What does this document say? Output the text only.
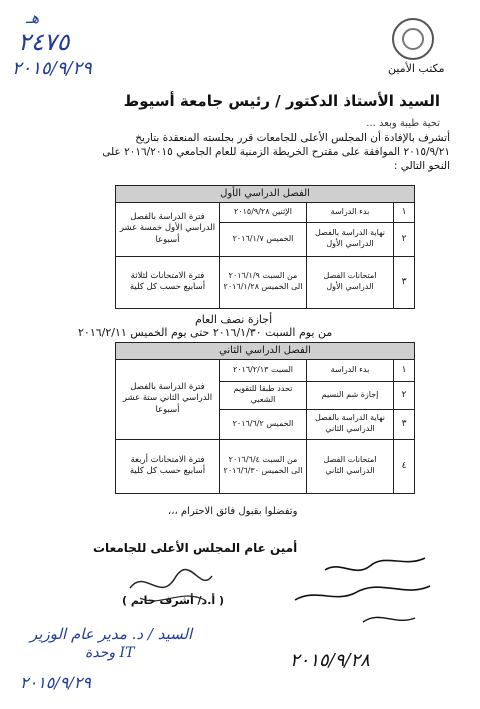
مكتب الأمين
هـ
٢٤٧٥
٢٠١٥/٩/٢٩
السيد الأستاذ الدكتور / رئيس جامعة أسيوط
تحية طيبة وبعد ...
أتشرف بالإفادة أن المجلس الأعلى للجامعات قرر بجلسته المنعقدة بتاريخ
٢٠١٥/٩/٢١ الموافقة على مقترح الخريطة الزمنية للعام الجامعي ٢٠١٦/٢٠١٥ على
النحو التالي :
الفصل الدراسي الأول			
١	بدء الدراسة	الإثنين ٢٠١٥/٩/٢٨	فترة الدراسة بالفصل الدراسي الأول خمسة عشر أسبوعا
٢	نهاية الدراسة بالفصل الدراسي الأول	الخميس ٢٠١٦/١/٧	
٣	امتحانات الفصل الدراسي الأول	من السبت ٢٠١٦/١/٩ الى الخميس ٢٠١٦/١/٢٨	فترة الامتحانات لثلاثة أسابيع حسب كل كلية
أجازة نصف العام
من يوم السبت ٢٠١٦/١/٣٠ حتى يوم الخميس ٢٠١٦/٢/١١
الفصل الدراسي الثاني			
١	بدء الدراسة	السبت ٢٠١٦/٢/١٣	فترة الدراسة بالفصل الدراسي الثاني ستة عشر أسبوعا
٢	إجازة شم النسيم	تحدد طبقا للتقويم الشعبي	
٣	نهاية الدراسة بالفصل الدراسي الثاني	الخميس ٢٠١٦/٦/٢	
٤	امتحانات الفصل الدراسي الثاني	من السبت ٢٠١٦/٦/٤ الى الخميس ٢٠١٦/٦/٣٠	فترة الامتحانات أربعة أسابيع حسب كل كلية
وتفضلوا بقبول فائق الاحترام ،،،
أمين عام المجلس الأعلى للجامعات
( أ.د/ أشرف حاتم )
السيد / د. مدير عام الوزير
وحدة IT
٢٠١٥/٩/٢٩
٢٠١٥/٩/٢٨
